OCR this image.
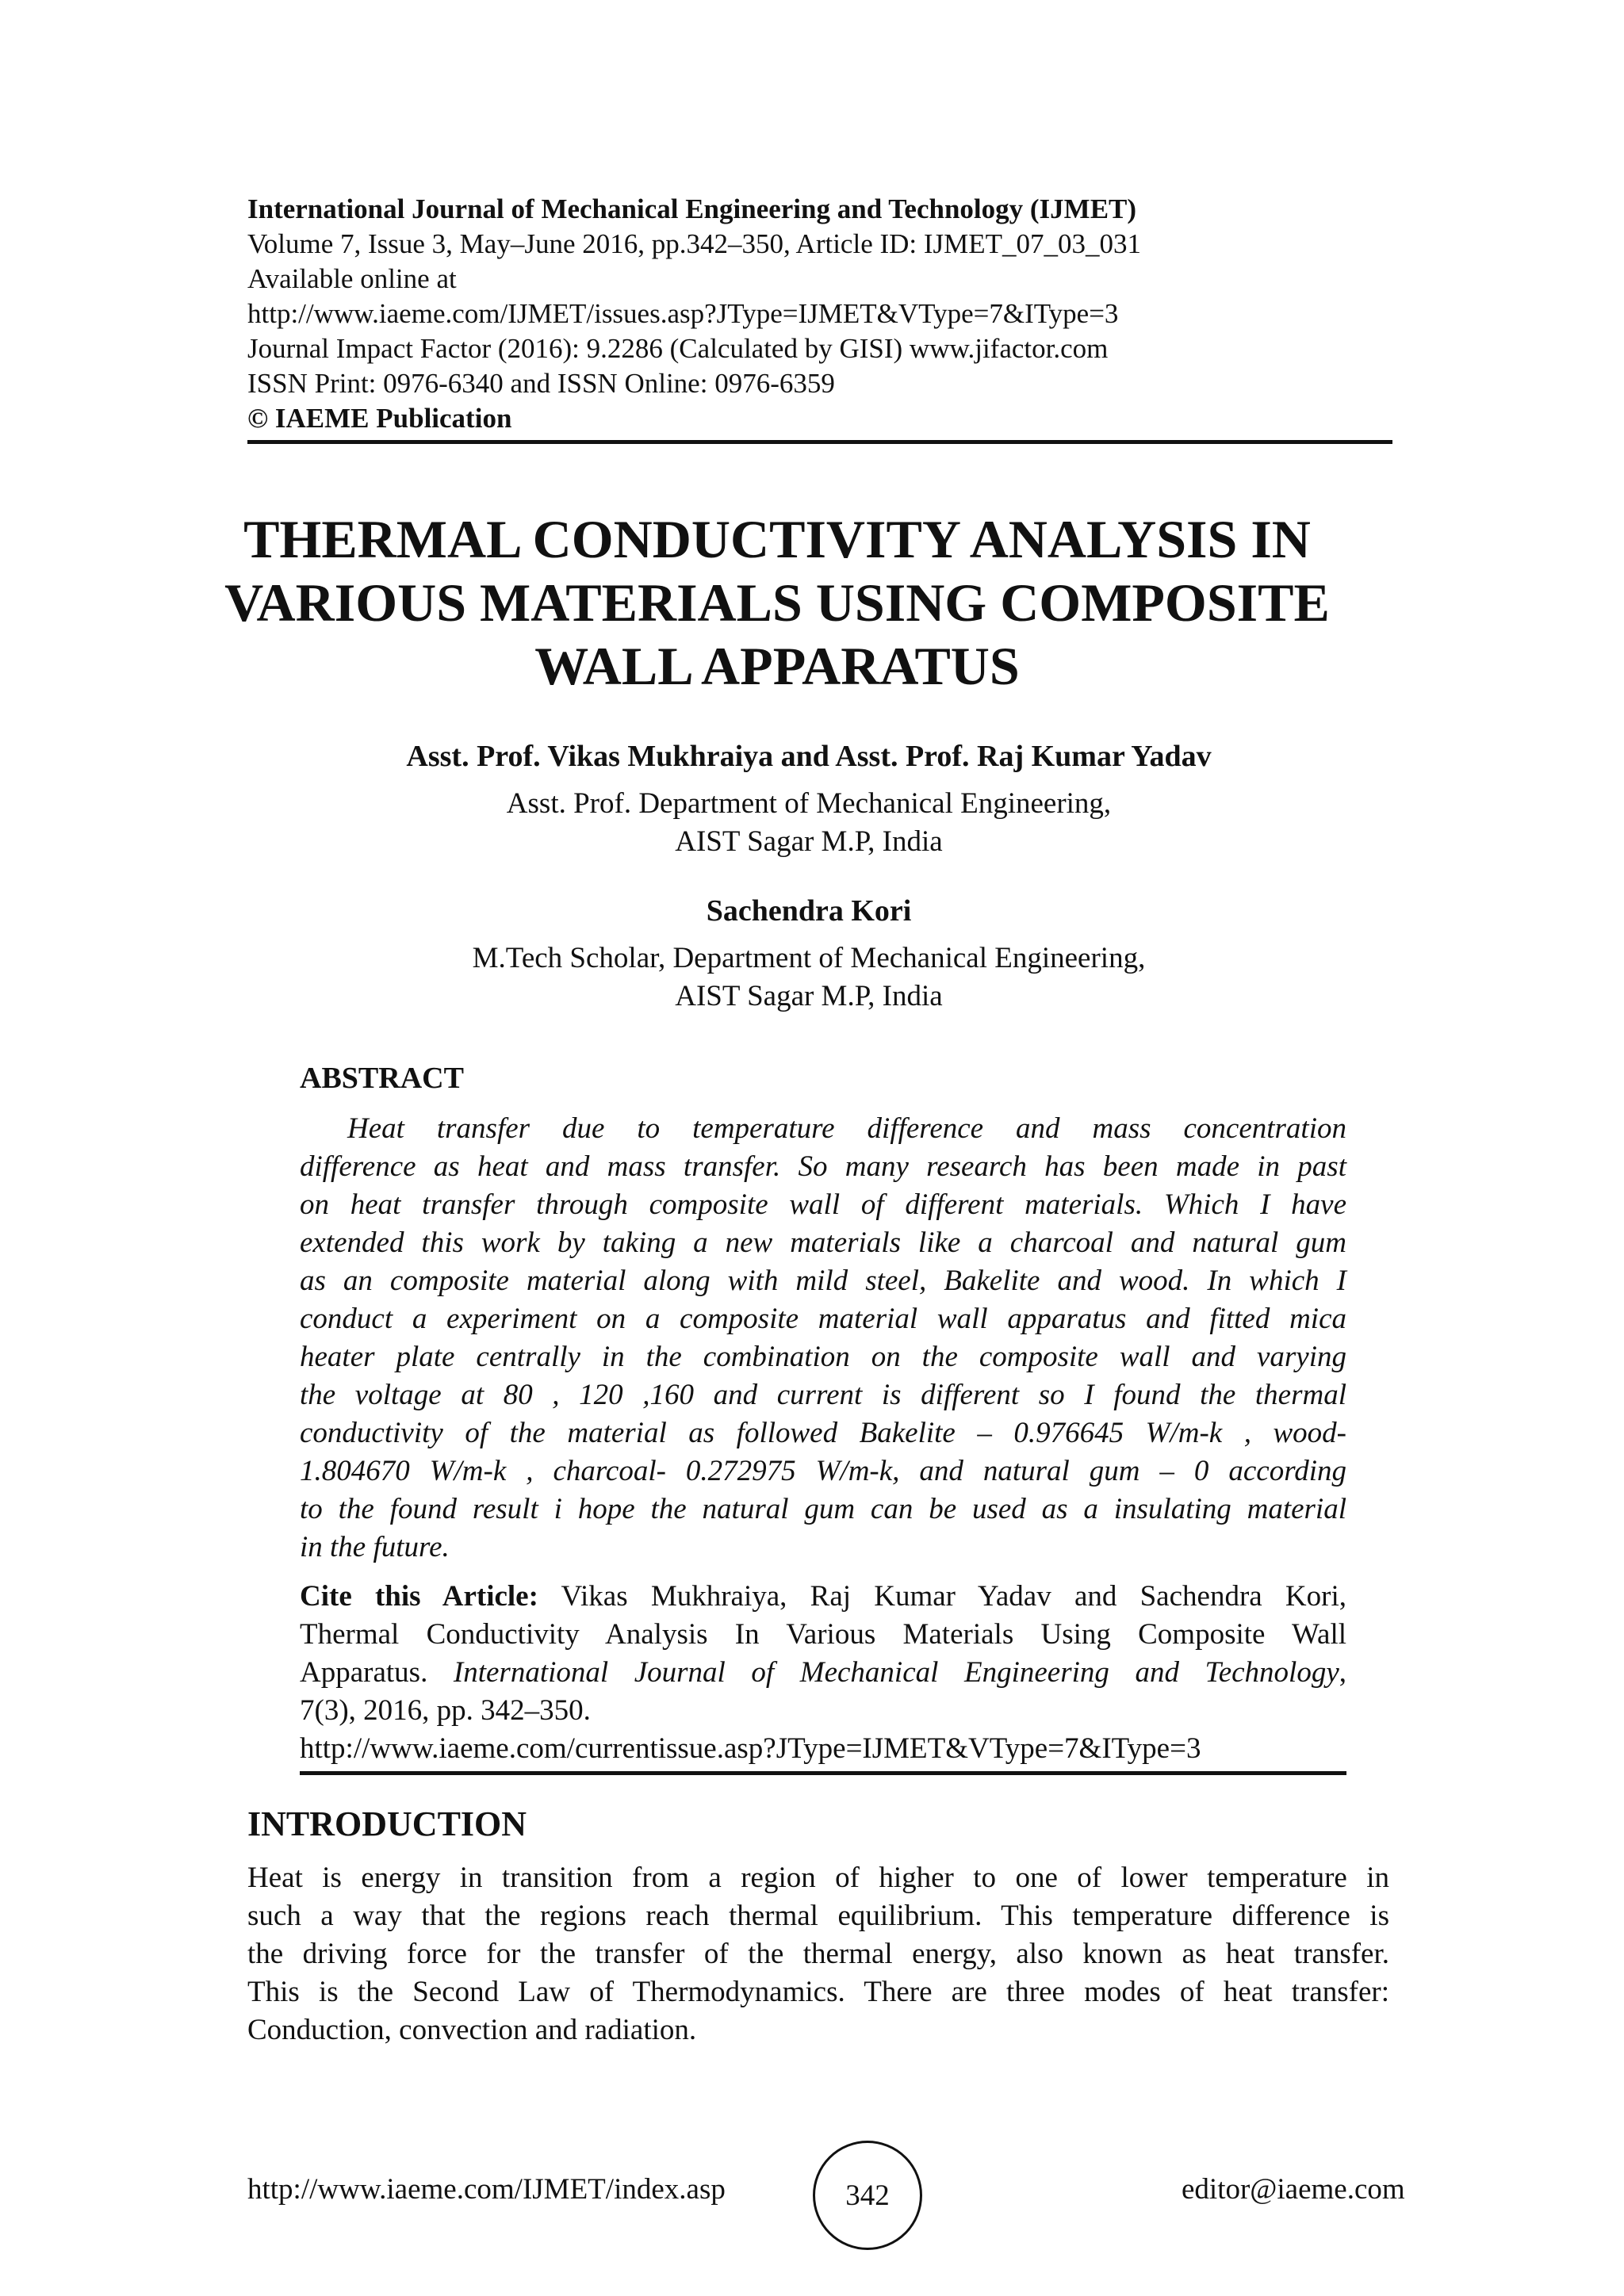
International Journal of Mechanical Engineering and Technology (IJMET)
Volume 7, Issue 3, May–June 2016, pp.342–350, Article ID: IJMET_07_03_031
Available online at
http://www.iaeme.com/IJMET/issues.asp?JType=IJMET&VType=7&IType=3
Journal Impact Factor (2016): 9.2286 (Calculated by GISI) www.jifactor.com
ISSN Print: 0976-6340 and ISSN Online: 0976-6359
© IAEME Publication
THERMAL CONDUCTIVITY ANALYSIS IN
VARIOUS MATERIALS USING COMPOSITE
WALL APPARATUS
Asst. Prof. Vikas Mukhraiya and Asst. Prof. Raj Kumar Yadav
Asst. Prof. Department of Mechanical Engineering,
AIST Sagar M.P, India
Sachendra Kori
M.Tech Scholar, Department of Mechanical Engineering,
AIST Sagar M.P, India
ABSTRACT
Heat transfer due to temperature difference and mass concentration
difference as heat and mass transfer. So many research has been made in past
on heat transfer through composite wall of different materials. Which I have
extended this work by taking a new materials like a charcoal and natural gum
as an composite material along with mild steel, Bakelite and wood. In which I
conduct a experiment on a composite material wall apparatus and fitted mica
heater plate centrally in the combination on the composite wall and varying
the voltage at 80 , 120 ,160 and current is different so I found the thermal
conductivity of the material as followed Bakelite – 0.976645 W/m-k , wood-
1.804670 W/m-k , charcoal- 0.272975 W/m-k, and natural gum – 0 according
to the found result i hope the natural gum can be used as a insulating material
in the future.
Cite this Article: Vikas Mukhraiya, Raj Kumar Yadav and Sachendra Kori,
Thermal Conductivity Analysis In Various Materials Using Composite Wall
Apparatus. International Journal of Mechanical Engineering and Technology,
7(3), 2016, pp. 342–350.
http://www.iaeme.com/currentissue.asp?JType=IJMET&VType=7&IType=3
INTRODUCTION
Heat is energy in transition from a region of higher to one of lower temperature in
such a way that the regions reach thermal equilibrium. This temperature difference is
the driving force for the transfer of the thermal energy, also known as heat transfer.
This is the Second Law of Thermodynamics. There are three modes of heat transfer:
Conduction, convection and radiation.
http://www.iaeme.com/IJMET/index.asp	342	editor@iaeme.com
